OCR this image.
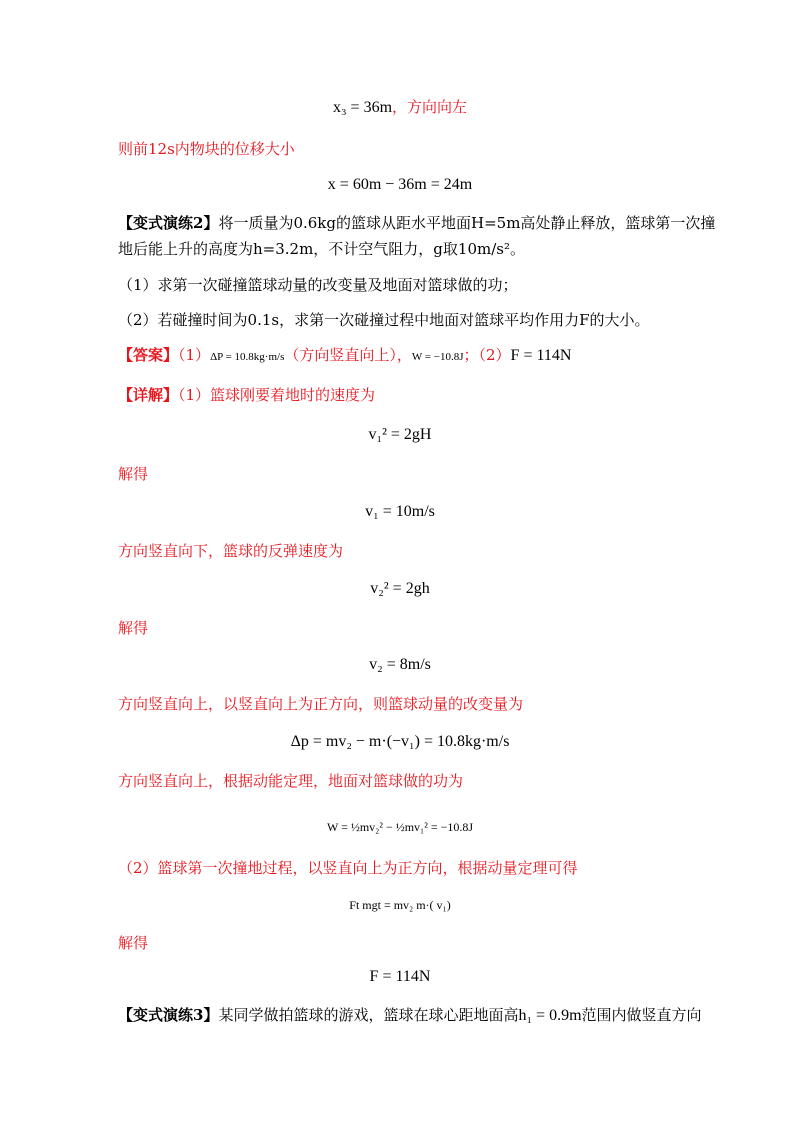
x₃ = 36m，方向向左
则前12s内物块的位移大小
x = 60m − 36m = 24m
【变式演练2】将一质量为0.6kg的篮球从距水平地面H=5m高处静止释放，篮球第一次撞
地后能上升的高度为h=3.2m，不计空气阻力，g取10m/s²。
（1）求第一次碰撞篮球动量的改变量及地面对篮球做的功；
（2）若碰撞时间为0.1s，求第一次碰撞过程中地面对篮球平均作用力F的大小。
【答案】（1）ΔP = 10.8kg·m/s（方向竖直向上），W = −10.8J；（2）F = 114N
【详解】（1）篮球刚要着地时的速度为
v₁² = 2gH
解得
v₁ = 10m/s
方向竖直向下，篮球的反弹速度为
v₂² = 2gh
解得
v₂ = 8m/s
方向竖直向上，以竖直向上为正方向，则篮球动量的改变量为
Δp = mv₂ − m·(−v₁) = 10.8kg·m/s
方向竖直向上，根据动能定理，地面对篮球做的功为
W = ½mv₂² − ½mv₁² = −10.8J
（2）篮球第一次撞地过程，以竖直向上为正方向，根据动量定理可得
Ft mgt = mv₂ m·( v₁)
解得
F = 114N
【变式演练3】某同学做拍篮球的游戏，篮球在球心距地面高h₁ = 0.9m范围内做竖直方向
